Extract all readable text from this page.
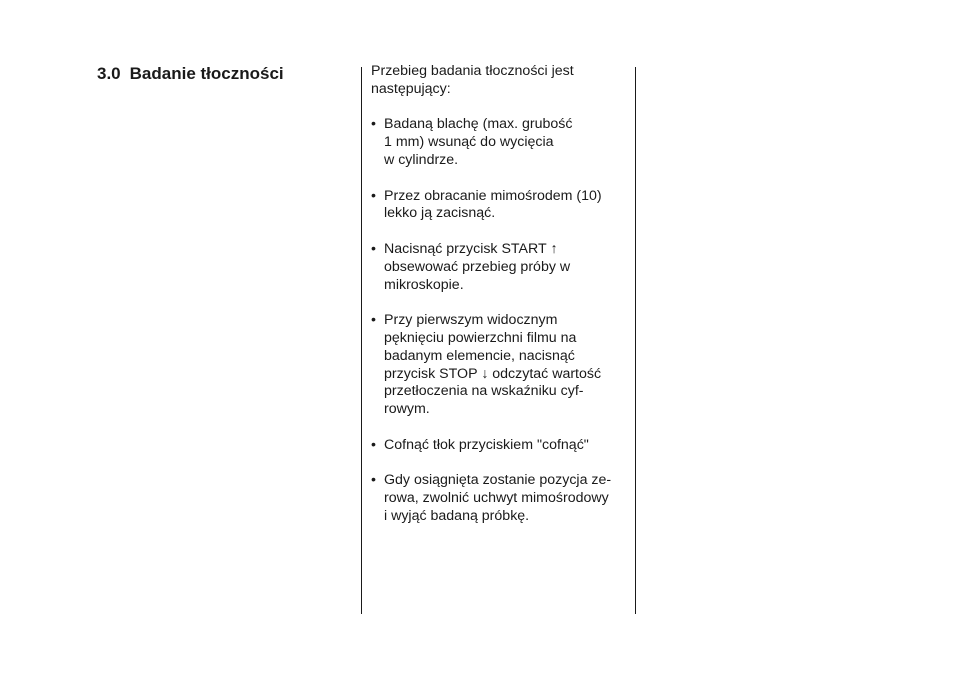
3.0 Badanie tłoczności	Przebieg badania tłoczności jest
następujący:

• Badaną blachę (max. grubość
1 mm) wsunąć do wycięcia
w cylindrze.
• Przez obracanie mimośrodem (10)
lekko ją zacisnąć.
• Nacisnąć przycisk START ↑
obsewować przebieg próby w
mikroskopie.
• Przy pierwszym widocznym
pęknięciu powierzchni filmu na
badanym elemencie, nacisnąć
przycisk STOP ↓ odczytać wartość
przetłoczenia na wskaźniku cyf-
rowym.
• Cofnąć tłok przyciskiem "cofnąć"
• Gdy osiągnięta zostanie pozycja ze-
rowa, zwolnić uchwyt mimośrodowy
i wyjąć badaną próbkę.
